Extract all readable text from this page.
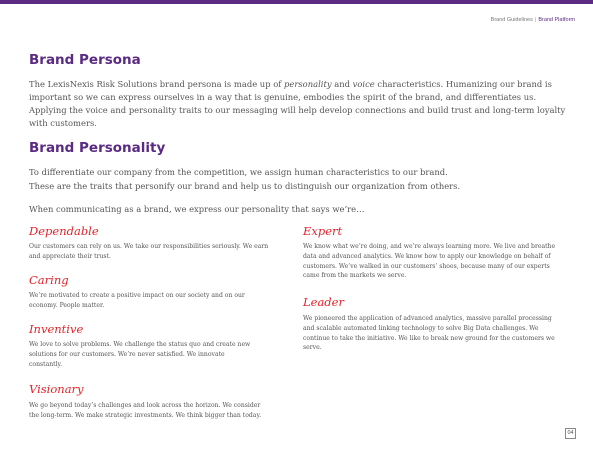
Brand Guidelines | Brand Platform
Brand Persona

The LexisNexis Risk Solutions brand persona is made up of personality and voice characteristics. Humanizing our brand is important so we can express ourselves in a way that is genuine, embodies the spirit of the brand, and differentiates us. Applying the voice and personality traits to our messaging will help develop connections and build trust and long-term loyalty with customers.

Brand Personality

To differentiate our company from the competition, we assign human characteristics to our brand.

These are the traits that personify our brand and help us to distinguish our organization from others.

When communicating as a brand, we express our personality that says we’re…

Dependable

Our customers can rely on us. We take our responsibilities seriously. We earn and appreciate their trust.

Caring

We’re motivated to create a positive impact on our society and on our economy. People matter.

Inventive

We love to solve problems. We challenge the status quo and create new solutions for our customers. We’re never satisfied. We innovate constantly.

Visionary

We go beyond today’s challenges and look across the horizon. We consider the long-term. We make strategic investments. We think bigger than today.

Expert

We know what we’re doing, and we’re always learning more. We live and breathe data and advanced analytics. We know how to apply our knowledge on behalf of customers. We’ve walked in our customers’ shoes, because many of our experts came from the markets we serve.

Leader

We pioneered the application of advanced analytics, massive parallel processing and scalable automated linking technology to solve Big Data challenges. We continue to take the initiative. We like to break new ground for the customers we serve.

04
